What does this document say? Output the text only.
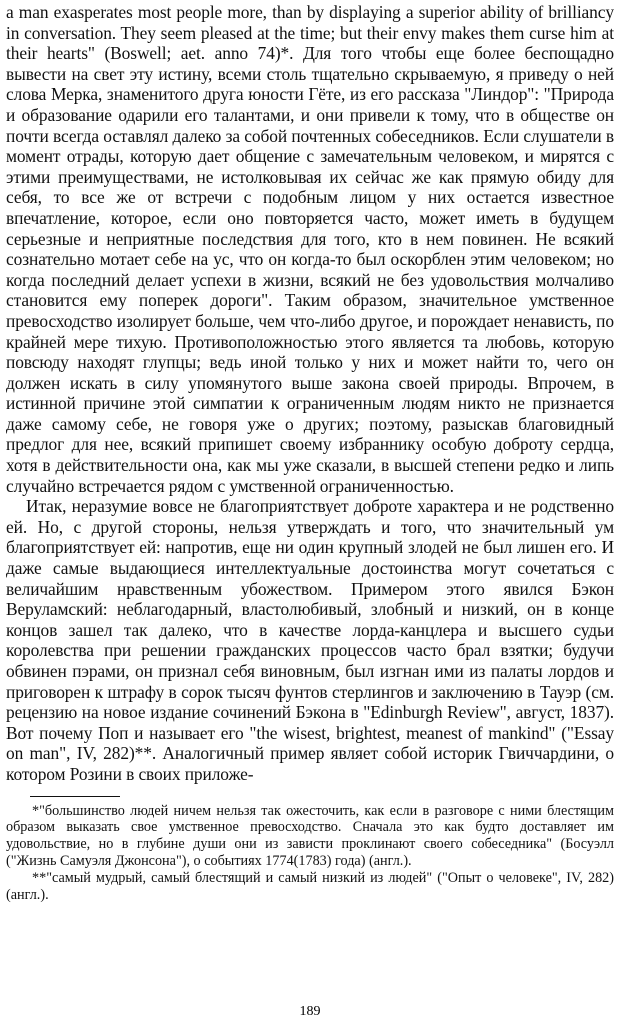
a man exasperates most people more, than by displaying a superior ability of brilliancy in conversation. They seem pleased at the time; but their envy makes them curse him at their hearts" (Boswell; aet. anno 74)*. Для того чтобы еще более беспощадно вывести на свет эту истину, всеми столь тщательно скрываемую, я приведу о ней слова Мерка, знаменитого друга юности Гёте, из его рассказа "Линдор": "Природа и образование одарили его талантами, и они привели к тому, что в обществе он почти всегда оставлял далеко за собой почтенных собеседников. Если слушатели в момент отрады, которую дает общение с замечательным человеком, и мирятся с этими преимуществами, не истолковывая их сейчас же как прямую обиду для себя, то все же от встречи с подобным лицом у них остается известное впечатление, которое, если оно повторяется часто, может иметь в будущем серьезные и неприятные последствия для того, кто в нем повинен. Не всякий сознательно мотает себе на ус, что он когда-то был оскорблен этим человеком; но когда последний делает успехи в жизни, всякий не без удовольствия молчаливо становится ему поперек дороги". Таким образом, значительное умственное превосходство изолирует больше, чем что-либо другое, и порождает ненависть, по крайней мере тихую. Противоположностью этого является та любовь, которую повсюду находят глупцы; ведь иной только у них и может найти то, чего он должен искать в силу упомянутого выше закона своей природы. Впрочем, в истинной причине этой симпатии к ограниченным людям никто не признается даже самому себе, не говоря уже о других; поэтому, разыскав благовидный предлог для нее, всякий припишет своему избраннику особую доброту сердца, хотя в действительности она, как мы уже сказали, в высшей степени редко и липь случайно встречается рядом с умственной ограниченностью.

Итак, неразумие вовсе не благоприятствует доброте характера и не родственно ей. Но, с другой стороны, нельзя утверждать и того, что значительный ум благоприятствует ей: напротив, еще ни один крупный злодей не был лишен его. И даже самые выдающиеся интеллектуальные достоинства могут сочетаться с величайшим нравственным убожеством. Примером этого явился Бэкон Веруламский: неблагодарный, властолюбивый, злобный и низкий, он в конце концов зашел так далеко, что в качестве лорда-канцлера и высшего судьи королевства при решении гражданских процессов часто брал взятки; будучи обвинен пэрами, он признал себя виновным, был изгнан ими из палаты лордов и приговорен к штрафу в сорок тысяч фунтов стерлингов и заключению в Тауэр (см. рецензию на новое издание сочинений Бэкона в "Edinburgh Review", август, 1837). Вот почему Поп и называет его "the wisest, brightest, meanest of mankind" ("Essay on man", IV, 282)**. Аналогичный пример являет собой историк Гвиччардини, о котором Розини в своих приложе-

*"большинство людей ничем нельзя так ожесточить, как если в разговоре с ними блестящим образом выказать свое умственное превосходство. Сначала это как будто доставляет им удовольствие, но в глубине души они из зависти проклинают своего собеседника" (Босуэлл ("Жизнь Самуэля Джонсона"), о событиях 1774(1783) года) (англ.).

**"самый мудрый, самый блестящий и самый низкий из людей" ("Опыт о человеке", IV, 282) (англ.).

189
